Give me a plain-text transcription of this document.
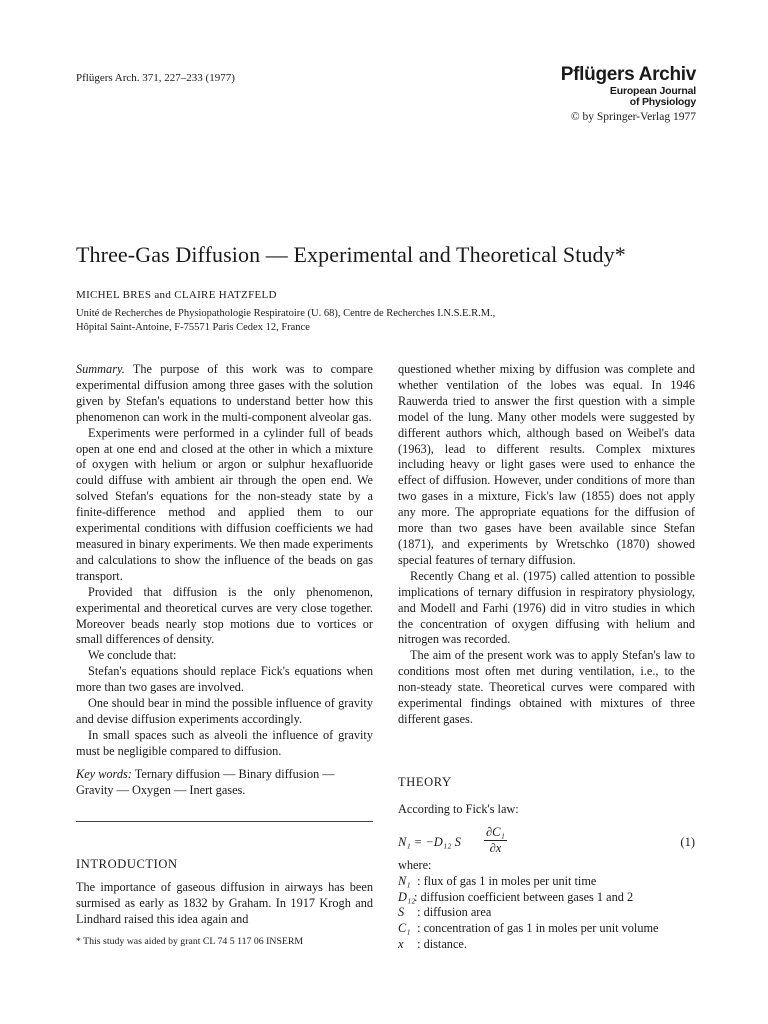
Pflügers Arch. 371, 227–233 (1977)	Pflügers Archiv
European Journal
of Physiology
© by Springer-Verlag 1977
Three-Gas Diffusion — Experimental and Theoretical Study*
MICHEL BRES and CLAIRE HATZFELD
Unité de Recherches de Physiopathologie Respiratoire (U. 68), Centre de Recherches I.N.S.E.R.M.,
Hôpital Saint-Antoine, F-75571 Paris Cedex 12, France

Summary. The purpose of this work was to compare experimental diffusion among three gases with the solution given by Stefan's equations to understand better how this phenomenon can work in the multi-component alveolar gas.

Experiments were performed in a cylinder full of beads open at one end and closed at the other in which a mixture of oxygen with helium or argon or sulphur hexafluoride could diffuse with ambient air through the open end. We solved Stefan's equations for the non-steady state by a finite-difference method and applied them to our experimental conditions with diffusion coefficients we had measured in binary experiments. We then made experiments and calculations to show the influence of the beads on gas transport.

Provided that diffusion is the only phenomenon, experimental and theoretical curves are very close together. Moreover beads nearly stop motions due to vortices or small differences of density.

We conclude that:

Stefan's equations should replace Fick's equations when more than two gases are involved.

One should bear in mind the possible influence of gravity and devise diffusion experiments accordingly.

In small spaces such as alveoli the influence of gravity must be negligible compared to diffusion.

Key words: Ternary diffusion — Binary diffusion — Gravity — Oxygen — Inert gases.

INTRODUCTION

The importance of gaseous diffusion in airways has been surmised as early as 1832 by Graham. In 1917 Krogh and Lindhard raised this idea again and

* This study was aided by grant CL 74 5 117 06 INSERM

questioned whether mixing by diffusion was complete and whether ventilation of the lobes was equal. In 1946 Rauwerda tried to answer the first question with a simple model of the lung. Many other models were suggested by different authors which, although based on Weibel's data (1963), lead to different results. Complex mixtures including heavy or light gases were used to enhance the effect of diffusion. However, under conditions of more than two gases in a mixture, Fick's law (1855) does not apply any more. The appropriate equations for the diffusion of more than two gases have been available since Stefan (1871), and experiments by Wretschko (1870) showed special features of ternary diffusion.

Recently Chang et al. (1975) called attention to possible implications of ternary diffusion in respiratory physiology, and Modell and Farhi (1976) did in vitro studies in which the concentration of oxygen diffusing with helium and nitrogen was recorded.

The aim of the present work was to apply Stefan's law to conditions most often met during ventilation, i.e., to the non-steady state. Theoretical curves were compared with experimental findings obtained with mixtures of three different gases.

THEORY
According to Fick's law:
N₁ = −D₁₂ S $\frac{\text{∂C₁}}{\partial x}$	(1)
where:
N₁ : flux of gas 1 in moles per unit time
D₁₂: diffusion coefficient between gases 1 and 2
S : diffusion area
C₁ : concentration of gas 1 in moles per unit volume
x : distance.
